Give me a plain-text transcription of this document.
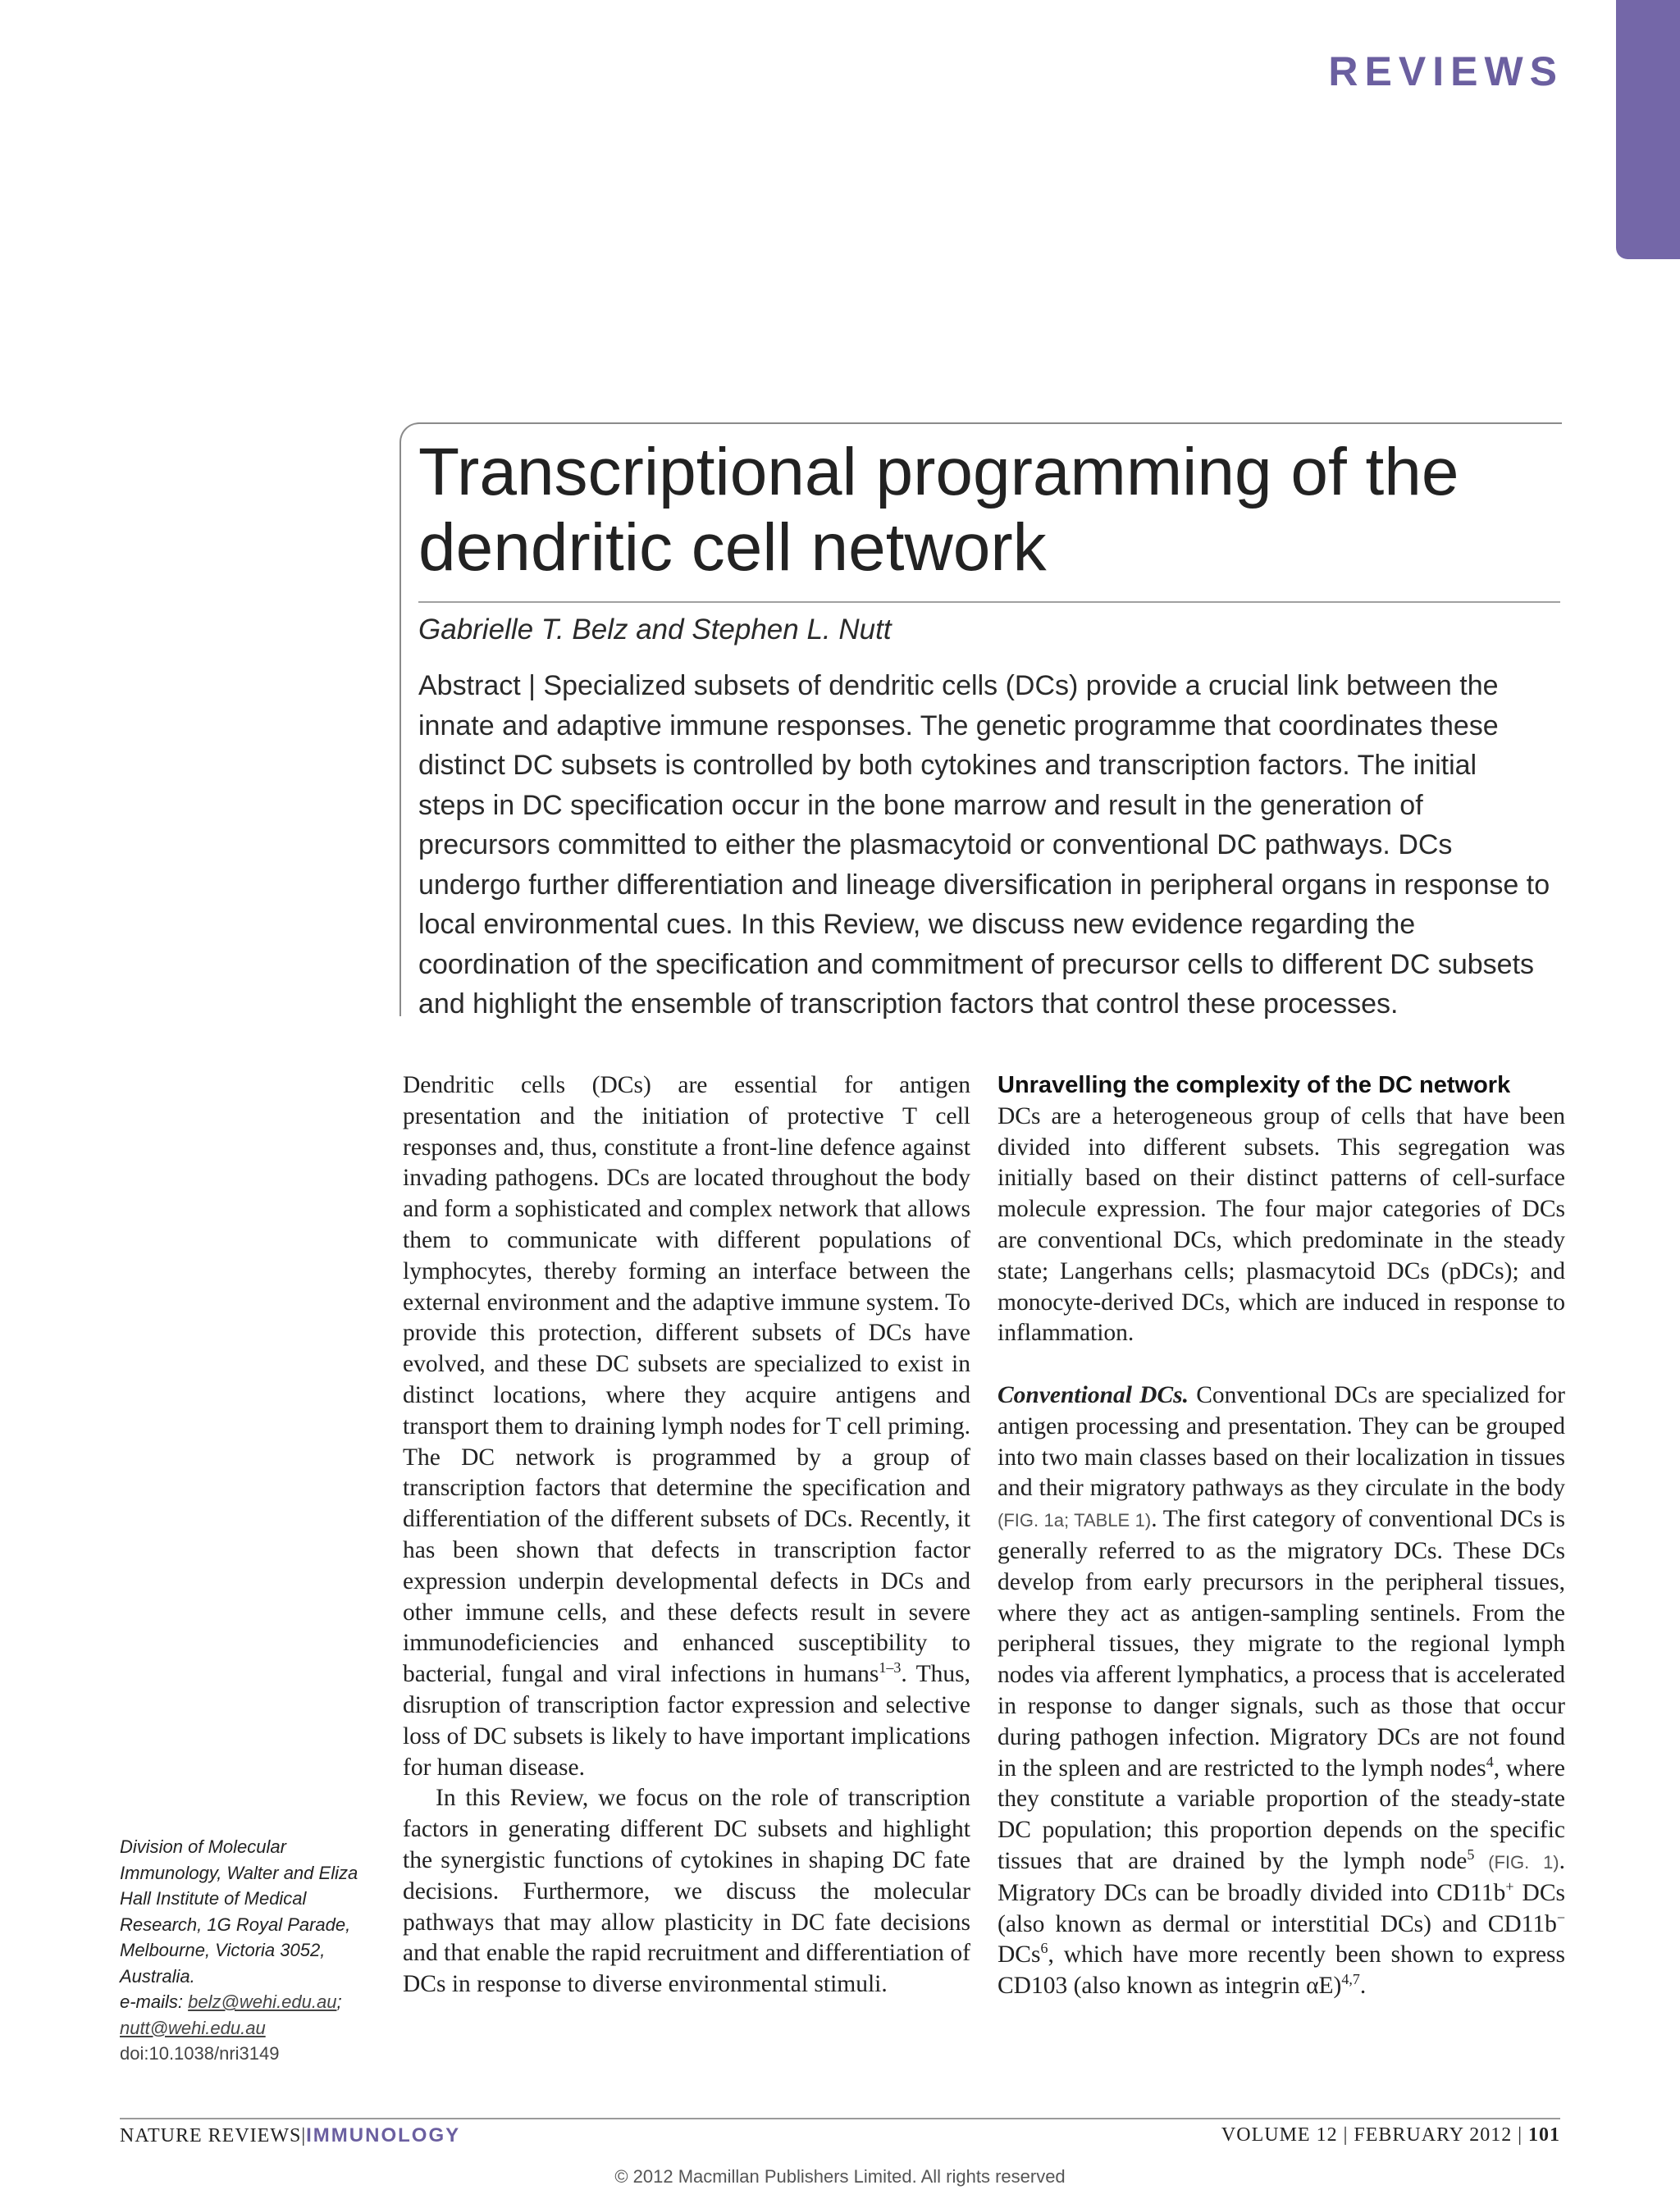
REVIEWS
Transcriptional programming of the dendritic cell network
Gabrielle T. Belz and Stephen L. Nutt

Abstract | Specialized subsets of dendritic cells (DCs) provide a crucial link between the innate and adaptive immune responses. The genetic programme that coordinates these distinct DC subsets is controlled by both cytokines and transcription factors. The initial steps in DC specification occur in the bone marrow and result in the generation of precursors committed to either the plasmacytoid or conventional DC pathways. DCs undergo further differentiation and lineage diversification in peripheral organs in response to local environmental cues. In this Review, we discuss new evidence regarding the coordination of the specification and commitment of precursor cells to different DC subsets and highlight the ensemble of transcription factors that control these processes.

Dendritic cells (DCs) are essential for antigen presentation and the initiation of protective T cell responses and, thus, constitute a front-line defence against invading pathogens. DCs are located throughout the body and form a sophisticated and complex network that allows them to communicate with different populations of lymphocytes, thereby forming an interface between the external environment and the adaptive immune system. To provide this protection, different subsets of DCs have evolved, and these DC subsets are specialized to exist in distinct locations, where they acquire antigens and transport them to draining lymph nodes for T cell priming. The DC network is programmed by a group of transcription factors that determine the specification and differentiation of the different subsets of DCs. Recently, it has been shown that defects in transcription factor expression underpin developmental defects in DCs and other immune cells, and these defects result in severe immunodeficiencies and enhanced susceptibility to bacterial, fungal and viral infections in humans$^{1-3}$. Thus, disruption of transcription factor expression and selective loss of DC subsets is likely to have important implications for human disease.

In this Review, we focus on the role of transcription factors in generating different DC subsets and highlight the synergistic functions of cytokines in shaping DC fate decisions. Furthermore, we discuss the molecular pathways that may allow plasticity in DC fate decisions and that enable the rapid recruitment and differentiation of DCs in response to diverse environmental stimuli.

Unravelling the complexity of the DC network

DCs are a heterogeneous group of cells that have been divided into different subsets. This segregation was initially based on their distinct patterns of cell-surface molecule expression. The four major categories of DCs are conventional DCs, which predominate in the steady state; Langerhans cells; plasmacytoid DCs (pDCs); and monocyte-derived DCs, which are induced in response to inflammation.

Conventional DCs. Conventional DCs are specialized for antigen processing and presentation. They can be grouped into two main classes based on their localization in tissues and their migratory pathways as they circulate in the body (FIG. 1a; TABLE 1). The first category of conventional DCs is generally referred to as the migratory DCs. These DCs develop from early precursors in the peripheral tissues, where they act as antigen-sampling sentinels. From the peripheral tissues, they migrate to the regional lymph nodes via afferent lymphatics, a process that is accelerated in response to danger signals, such as those that occur during pathogen infection. Migratory DCs are not found in the spleen and are restricted to the lymph nodes$^4$, where they constitute a variable proportion of the steady-state DC population; this proportion depends on the specific tissues that are drained by the lymph node$^5$ (FIG. 1). Migratory DCs can be broadly divided into CD11b+ DCs (also known as dermal or interstitial DCs) and CD11b− DCs$^6$, which have more recently been shown to express CD103 (also known as integrin αE)$^{4,7}$.

Division of Molecular Immunology, Walter and Eliza Hall Institute of Medical Research, 1G Royal Parade, Melbourne, Victoria 3052, Australia.
e-mails: belz@wehi.edu.au;
nutt@wehi.edu.au
doi:10.1038/nri3149
NATURE REVIEWS|IMMUNOLOGY	VOLUME 12 | FEBRUARY 2012 | 101
© 2012 Macmillan Publishers Limited. All rights reserved
